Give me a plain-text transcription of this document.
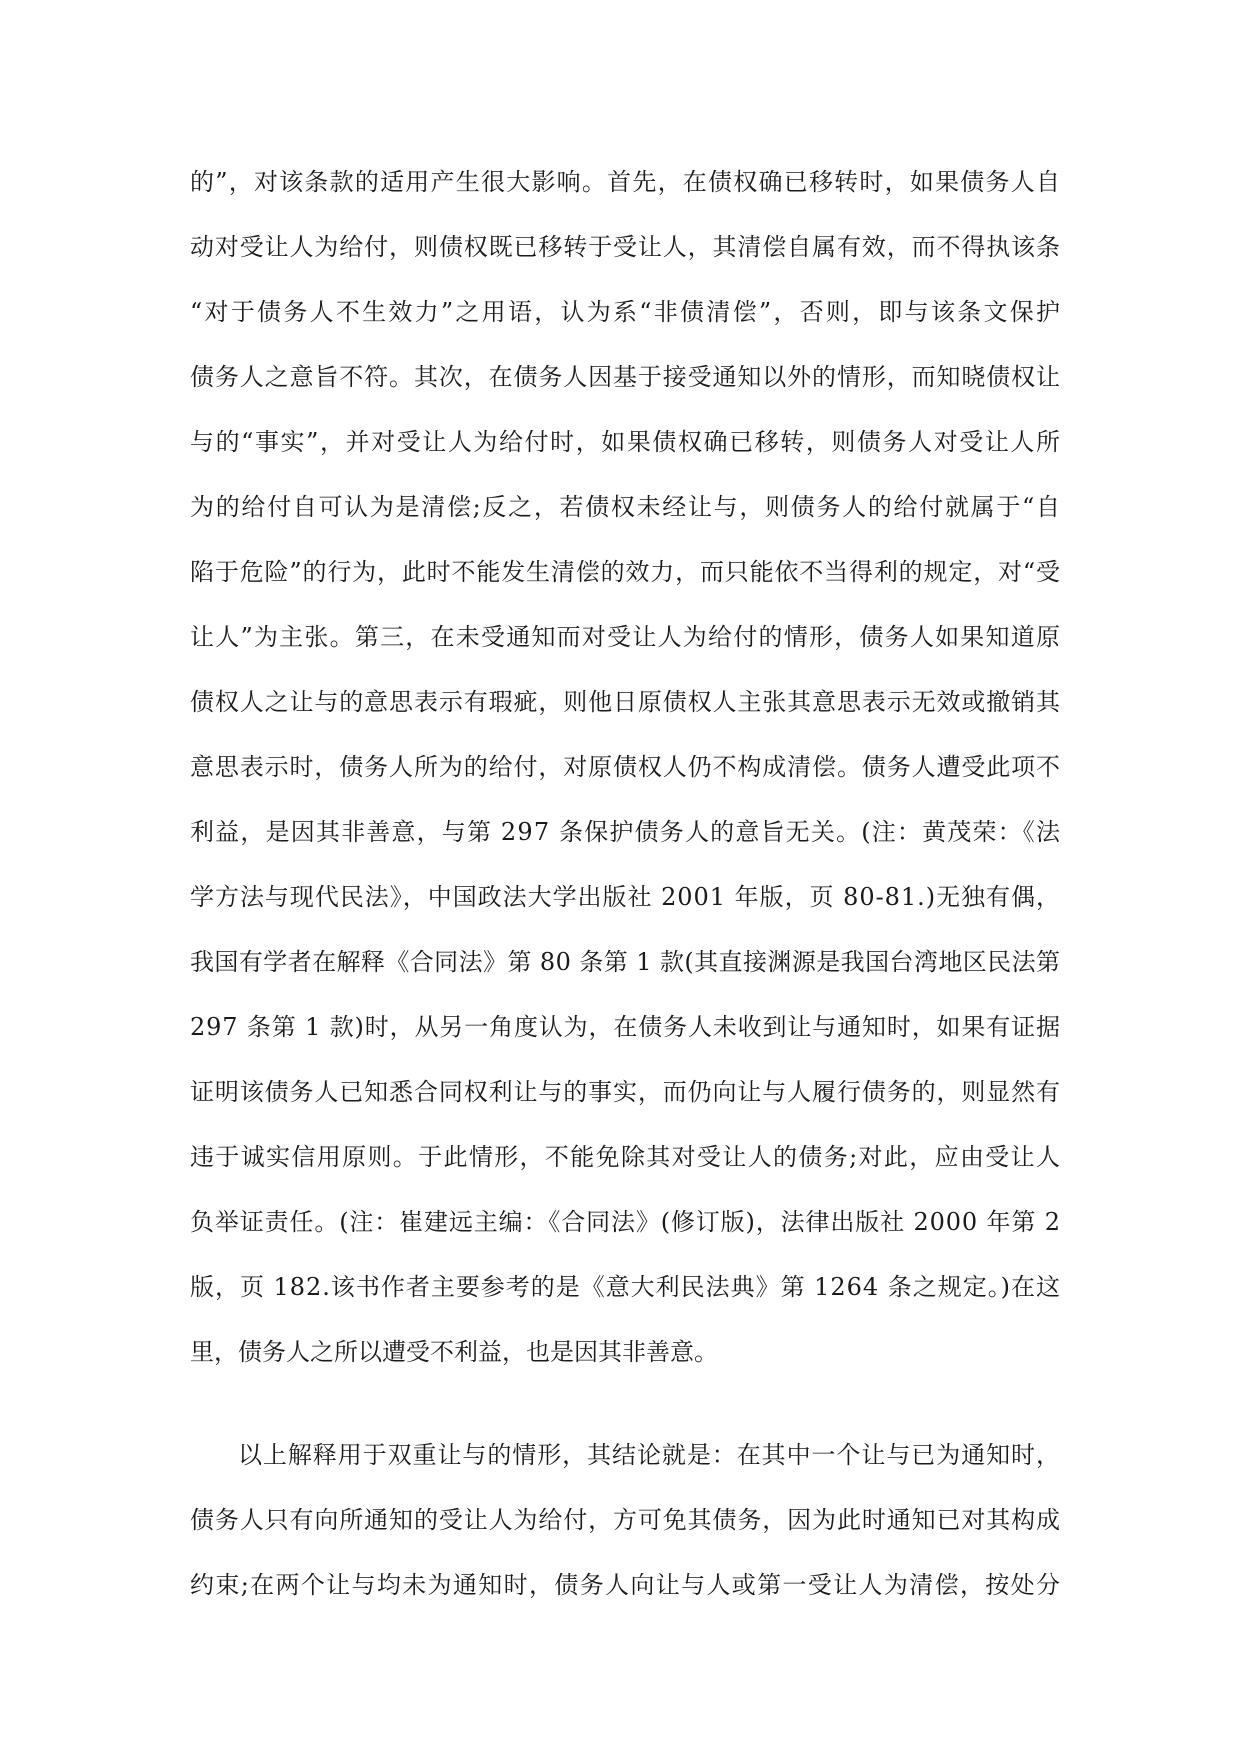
的”，对该条款的适用产生很大影响。首先，在债权确已移转时，如果债务人自
动对受让人为给付，则债权既已移转于受让人，其清偿自属有效，而不得执该条
“对于债务人不生效力”之用语，认为系“非债清偿”，否则，即与该条文保护
债务人之意旨不符。其次，在债务人因基于接受通知以外的情形，而知晓债权让
与的“事实”，并对受让人为给付时，如果债权确已移转，则债务人对受让人所
为的给付自可认为是清偿;反之，若债权未经让与，则债务人的给付就属于“自
陷于危险”的行为，此时不能发生清偿的效力，而只能依不当得利的规定，对“受
让人”为主张。第三，在未受通知而对受让人为给付的情形，债务人如果知道原
债权人之让与的意思表示有瑕疵，则他日原债权人主张其意思表示无效或撤销其
意思表示时，债务人所为的给付，对原债权人仍不构成清偿。债务人遭受此项不
利益，是因其非善意，与第 297 条保护债务人的意旨无关。(注：黄茂荣：《法
学方法与现代民法》，中国政法大学出版社 2001 年版，页 80-81.)无独有偶，
我国有学者在解释《合同法》第 80 条第 1 款(其直接渊源是我国台湾地区民法第
297 条第 1 款)时，从另一角度认为，在债务人未收到让与通知时，如果有证据
证明该债务人已知悉合同权利让与的事实，而仍向让与人履行债务的，则显然有
违于诚实信用原则。于此情形，不能免除其对受让人的债务;对此，应由受让人
负举证责任。(注：崔建远主编：《合同法》(修订版)，法律出版社 2000 年第 2
版，页 182.该书作者主要参考的是《意大利民法典》第 1264 条之规定。)在这
里，债务人之所以遭受不利益，也是因其非善意。
以上解释用于双重让与的情形，其结论就是：在其中一个让与已为通知时，
债务人只有向所通知的受让人为给付，方可免其债务，因为此时通知已对其构成
约束;在两个让与均未为通知时，债务人向让与人或第一受让人为清偿，按处分
